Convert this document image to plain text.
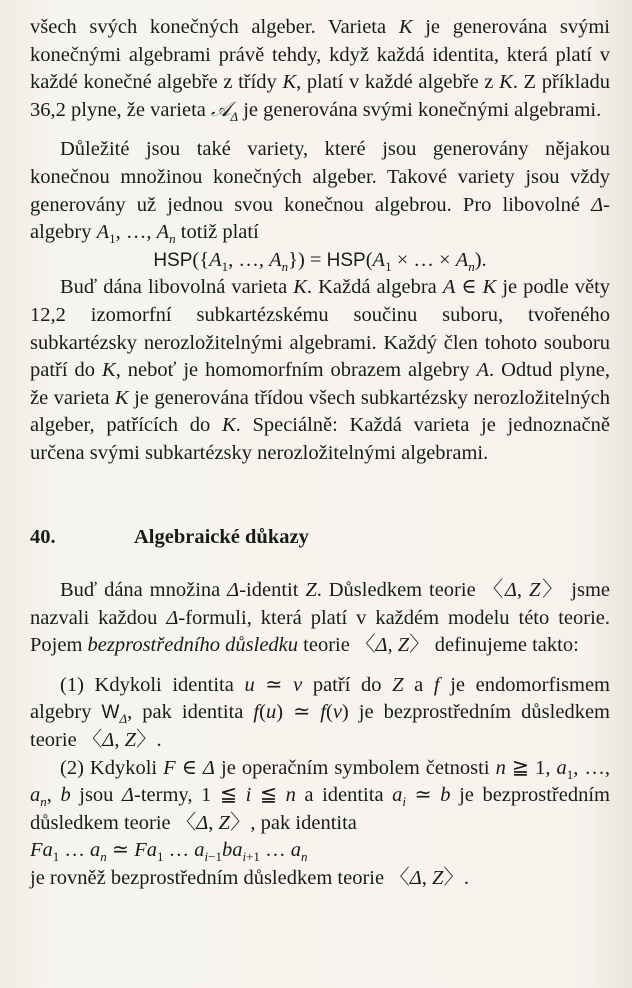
všech svých konečných algeber. Varieta K je generována svými konečnými algebrami právě tehdy, když každá identita, která platí v každé konečné algebře z třídy K, platí v každé algebře z K. Z příkladu 36,2 plyne, že varieta 𝒜$_\Delta$ je generována svými konečnými algebrami.

Důležité jsou také variety, které jsou generovány nějakou konečnou množinou konečných algeber. Takové variety jsou vždy generovány už jednou svou konečnou algebrou. Pro libovolné Δ-algebry $A_1$, …, $A_n$ totiž platí

$HSP(\{A_1$, …, $A_n\}) = HSP(A_1$ × … × $A_n$).

Buď dána libovolná varieta K. Každá algebra A ∈ K je podle věty 12,2 izomorfní subkartézskému součinu suboru, tvořeného subkartézsky nerozložitelnými algebrami. Každý člen tohoto souboru patří do K, neboť je homomorfním obrazem algebry A. Odtud plyne, že varieta K je generována třídou všech subkartézsky nerozložitelných algeber, patřících do K. Speciálně: Každá varieta je jednoznačně určena svými subkartézsky nerozložitelnými algebrami.

40.	Algebraické důkazy

Buď dána množina Δ-identit Z. Důsledkem teorie 〈Δ, Z〉 jsme nazvali každou Δ-formuli, která platí v každém modelu této teorie. Pojem bezprostředního důsledku teorie 〈Δ, Z〉 definujeme takto:

(1) Kdykoli identita u ≃ v patří do Z a f je endomorfismem algebry $W_\Delta$, pak identita f(u) ≃ f(v) je bezprostředním důsledkem teorie 〈Δ, Z〉.

(2) Kdykoli F ∈ Δ je operačním symbolem četnosti n ≧ 1, $a_1$, …, $a_n$, b jsou Δ-termy, 1 ≦ i ≦ n a identita $a_i$ ≃ b je bezprostředním důsledkem teorie 〈Δ, Z〉, pak identita

$Fa_1$ … $a_n$ ≃ $Fa_1$ … $a_{i-1}ba_{i+1}$ … $a_n$

je rovněž bezprostředním důsledkem teorie 〈Δ, Z〉.
